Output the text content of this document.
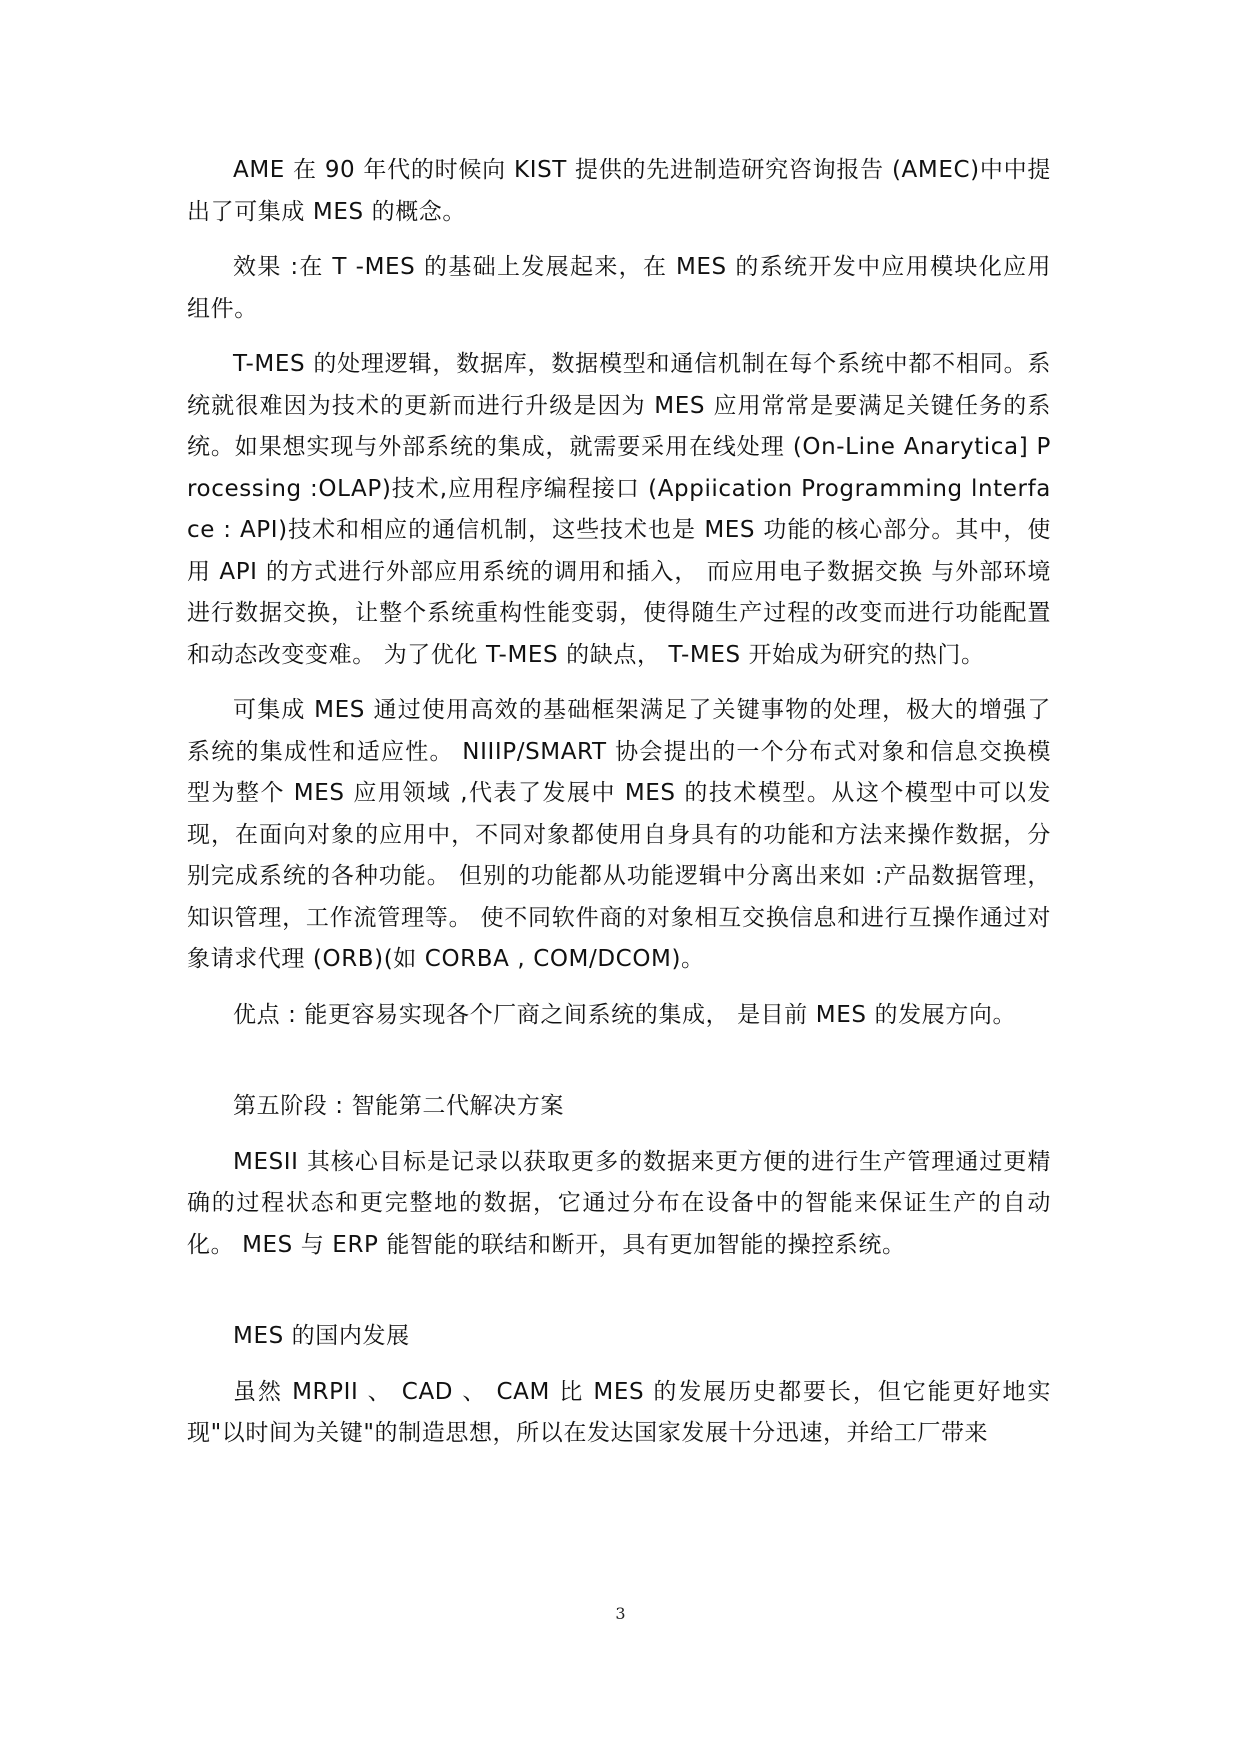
AME 在 90 年代的时候向 KIST 提供的先进制造研究咨询报告 (AMEC)中中提出了可集成 MES 的概念。

效果 :在 T -MES 的基础上发展起来，在 MES 的系统开发中应用模块化应用组件。

T-MES 的处理逻辑，数据库，数据模型和通信机制在每个系统中都不相同。系统就很难因为技术的更新而进行升级是因为 MES 应用常常是要满足关键任务的系统。如果想实现与外部系统的集成，就需要采用在线处理 (On-Line Anarytica] Processing :OLAP)技术,应用程序编程接口 (Appiication Programming lnterface : API)技术和相应的通信机制，这些技术也是 MES 功能的核心部分。其中，使用 API 的方式进行外部应用系统的调用和插入， 而应用电子数据交换 与外部环境进行数据交换，让整个系统重构性能变弱，使得随生产过程的改变而进行功能配置和动态改变变难。 为了优化 T-MES 的缺点， T-MES 开始成为研究的热门。

可集成 MES 通过使用高效的基础框架满足了关键事物的处理，极大的增强了系统的集成性和适应性。 NIIIP/SMART 协会提出的一个分布式对象和信息交换模型为整个 MES 应用领域 ,代表了发展中 MES 的技术模型。从这个模型中可以发现，在面向对象的应用中，不同对象都使用自身具有的功能和方法来操作数据，分别完成系统的各种功能。 但别的功能都从功能逻辑中分离出来如 :产品数据管理，知识管理，工作流管理等。 使不同软件商的对象相互交换信息和进行互操作通过对象请求代理 (ORB)(如 CORBA , COM/DCOM)。

优点 : 能更容易实现各个厂商之间系统的集成， 是目前 MES 的发展方向。

第五阶段 : 智能第二代解决方案

MESII 其核心目标是记录以获取更多的数据来更方便的进行生产管理通过更精确的过程状态和更完整地的数据，它通过分布在设备中的智能来保证生产的自动化。 MES 与 ERP 能智能的联结和断开，具有更加智能的操控系统。

MES 的国内发展

虽然 MRPII 、 CAD 、 CAM 比 MES 的发展历史都要长，但它能更好地实现"以时间为关键"的制造思想，所以在发达国家发展十分迅速，并给工厂带来

3
